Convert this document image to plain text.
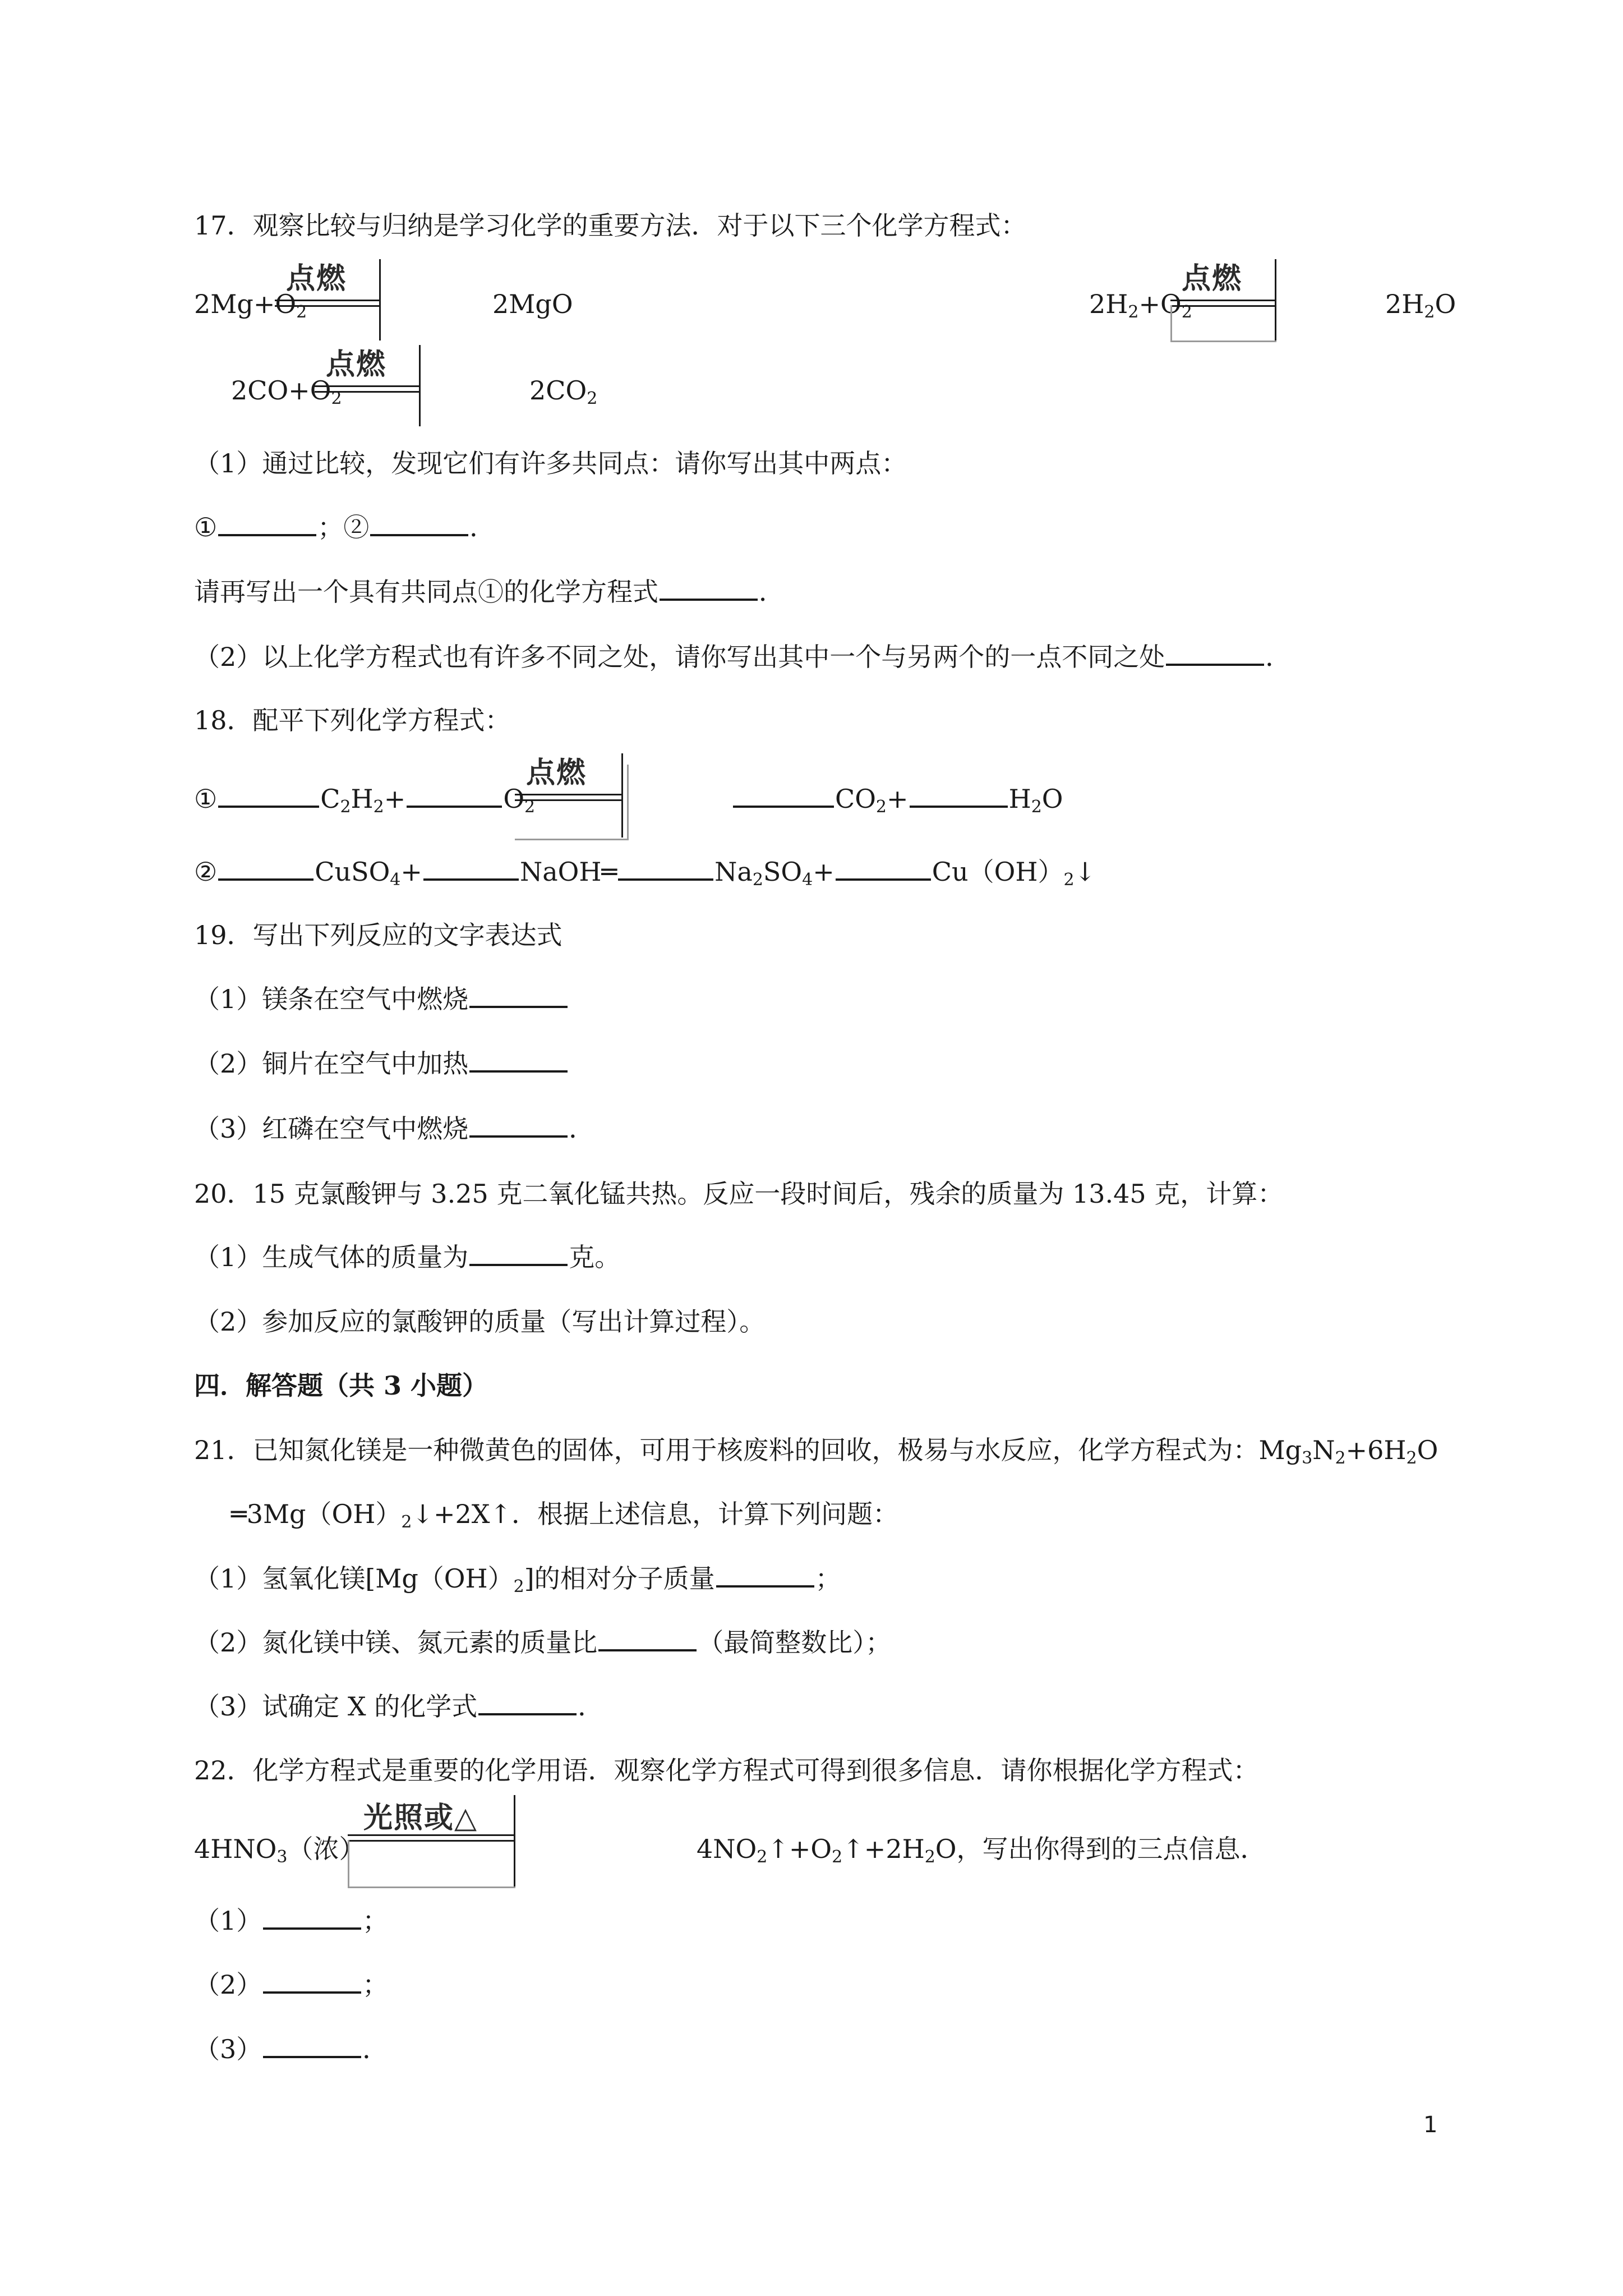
17．观察比较与归纳是学习化学的重要方法．对于以下三个化学方程式：
$2Mg+O_2$
点燃
2MgO	$2H_2+O_2$
点燃
$2H_2O$
$2CO+O_2$
点燃
$2CO_2$
（1）通过比较，发现它们有许多共同点：请你写出其中两点：
①	；②	．
请再写出一个具有共同点①的化学方程式	．
（2）以上化学方程式也有许多不同之处，请你写出其中一个与另两个的一点不同之处	．
18．配平下列化学方程式：
①	$C_2H_2+$	$O_2$
点燃
$CO_2+$	$H_2O$
②	CuSO$_4$+	NaOH═	$Na_2SO_4+$	$Cu(OH)_2↓$
19．写出下列反应的文字表达式
（1）镁条在空气中燃烧
（2）铜片在空气中加热
（3）红磷在空气中燃烧	．
20．15 克氯酸钾与 3.25 克二氧化锰共热。反应一段时间后，残余的质量为 13.45 克，计算：
（1）生成气体的质量为	克。
（2）参加反应的氯酸钾的质量（写出计算过程）。
四．解答题（共 3 小题）
21．已知氮化镁是一种微黄色的固体，可用于核废料的回收，极易与水反应，化学方程式为：$Mg_3N_2+6H_2O$
$═3Mg(OH)_2↓+2X↑$．根据上述信息，计算下列问题：
（1）氢氧化镁$[Mg(OH)_2]$的相对分子质量	；
（2）氮化镁中镁、氮元素的质量比	（最简整数比）；
（3）试确定 X 的化学式	．
22．化学方程式是重要的化学用语．观察化学方程式可得到很多信息．请你根据化学方程式：
$4HNO_3$（浓）
光照或△
$4NO_2↑+O_2↑+2H_2O$，写出你得到的三点信息．
（1）	；
（2）	；
（3）	．
1
